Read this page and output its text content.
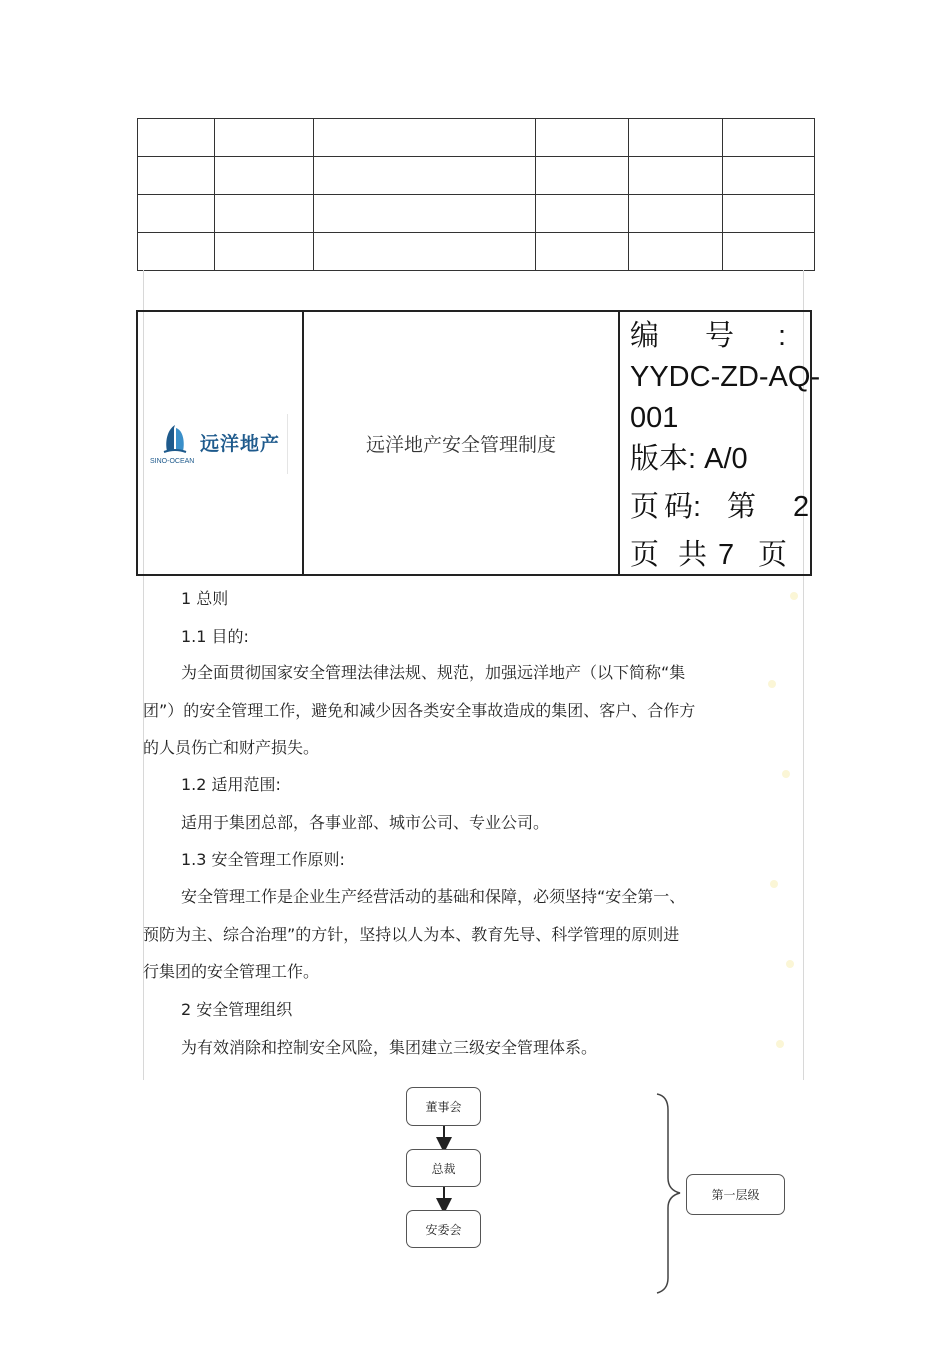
远洋地产
SINO-OCEAN
	远洋地产安全管理制度	
编 号 :
YYDC-ZD-AQ-
001
版本: A/0
页 码: 第 2
页 共 7 页
1 总则
1.1 目的:
为全面贯彻国家安全管理法律法规、规范，加强远洋地产（以下简称“集
团”）的安全管理工作，避免和减少因各类安全事故造成的集团、客户、合作方
的人员伤亡和财产损失。
1.2 适用范围:
适用于集团总部，各事业部、城市公司、专业公司。
1.3 安全管理工作原则:
安全管理工作是企业生产经营活动的基础和保障，必须坚持“安全第一、
预防为主、综合治理”的方针，坚持以人为本、教育先导、科学管理的原则进
行集团的安全管理工作。
2 安全管理组织
为有效消除和控制安全风险，集团建立三级安全管理体系。
董事会
总裁
安委会
第一层级
